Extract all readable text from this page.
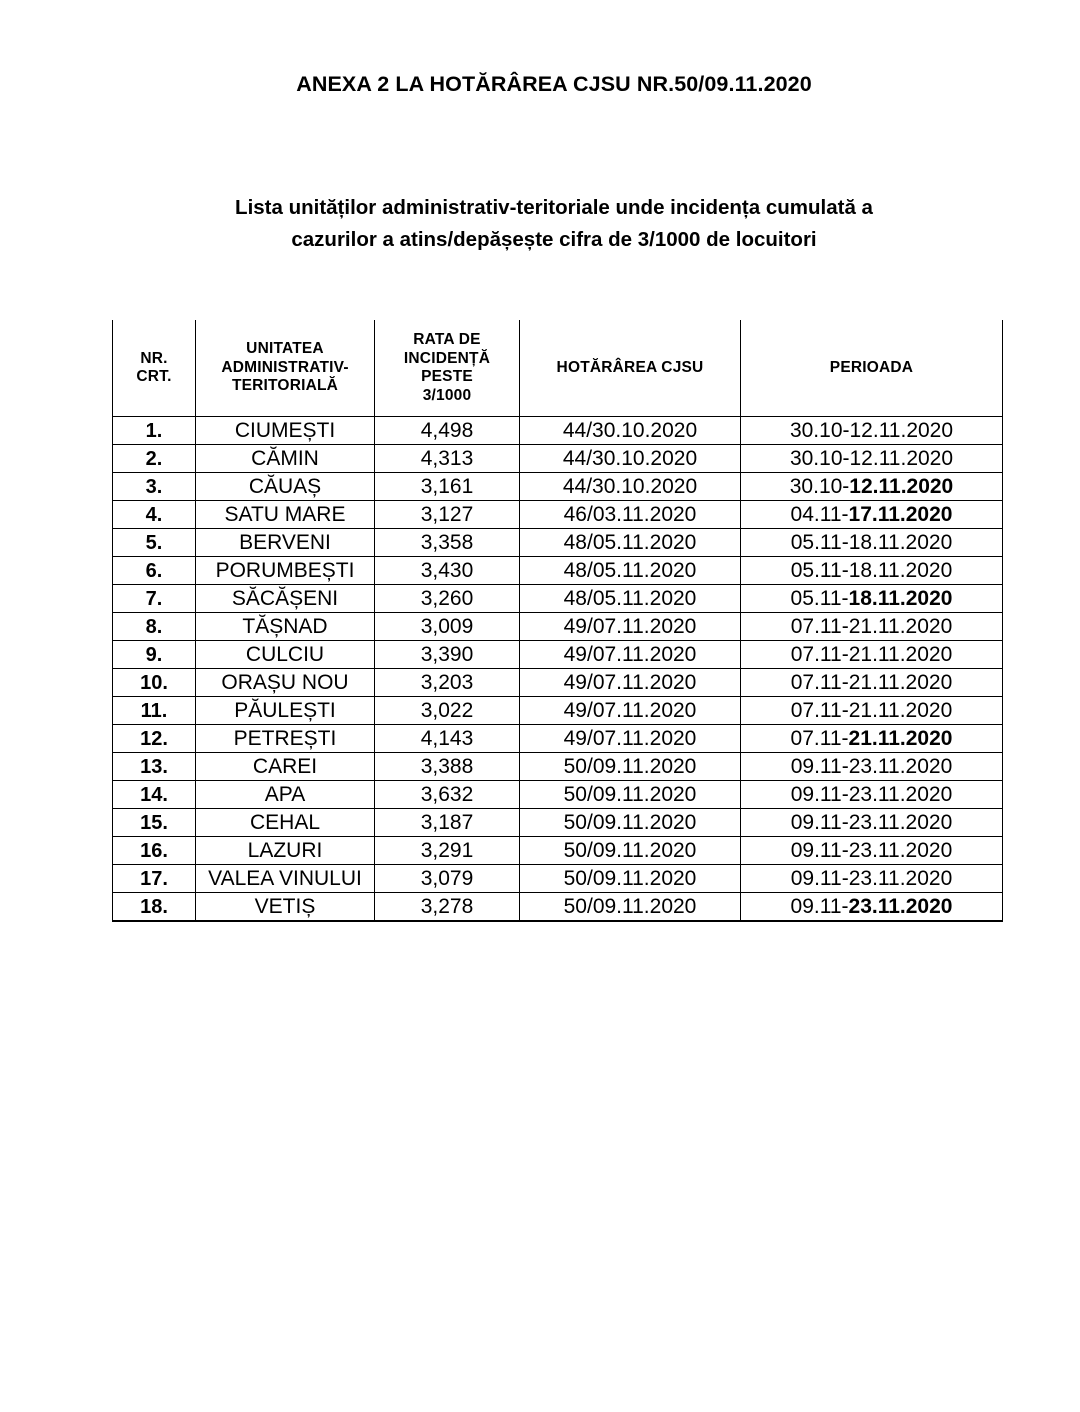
ANEXA 2 LA HOTĂRÂREA CJSU NR.50/09.11.2020
Lista unităților administrativ-teritoriale unde incidența cumulată a
cazurilor a atins/depășește cifra de 3/1000 de locuitori
NR.
CRT.	UNITATEA
ADMINISTRATIV-
TERITORIALĂ	RATA DE
INCIDENȚĂ
PESTE
3/1000	HOTĂRÂREA CJSU	PERIOADA
1.	CIUMEȘTI	4,498	44/30.10.2020	30.10-12.11.2020
2.	CĂMIN	4,313	44/30.10.2020	30.10-12.11.2020
3.	CĂUAȘ	3,161	44/30.10.2020	30.10-12.11.2020
4.	SATU MARE	3,127	46/03.11.2020	04.11-17.11.2020
5.	BERVENI	3,358	48/05.11.2020	05.11-18.11.2020
6.	PORUMBEȘTI	3,430	48/05.11.2020	05.11-18.11.2020
7.	SĂCĂȘENI	3,260	48/05.11.2020	05.11-18.11.2020
8.	TĂȘNAD	3,009	49/07.11.2020	07.11-21.11.2020
9.	CULCIU	3,390	49/07.11.2020	07.11-21.11.2020
10.	ORAȘU NOU	3,203	49/07.11.2020	07.11-21.11.2020
11.	PĂULEȘTI	3,022	49/07.11.2020	07.11-21.11.2020
12.	PETREȘTI	4,143	49/07.11.2020	07.11-21.11.2020
13.	CAREI	3,388	50/09.11.2020	09.11-23.11.2020
14.	APA	3,632	50/09.11.2020	09.11-23.11.2020
15.	CEHAL	3,187	50/09.11.2020	09.11-23.11.2020
16.	LAZURI	3,291	50/09.11.2020	09.11-23.11.2020
17.	VALEA VINULUI	3,079	50/09.11.2020	09.11-23.11.2020
18.	VETIȘ	3,278	50/09.11.2020	09.11-23.11.2020
